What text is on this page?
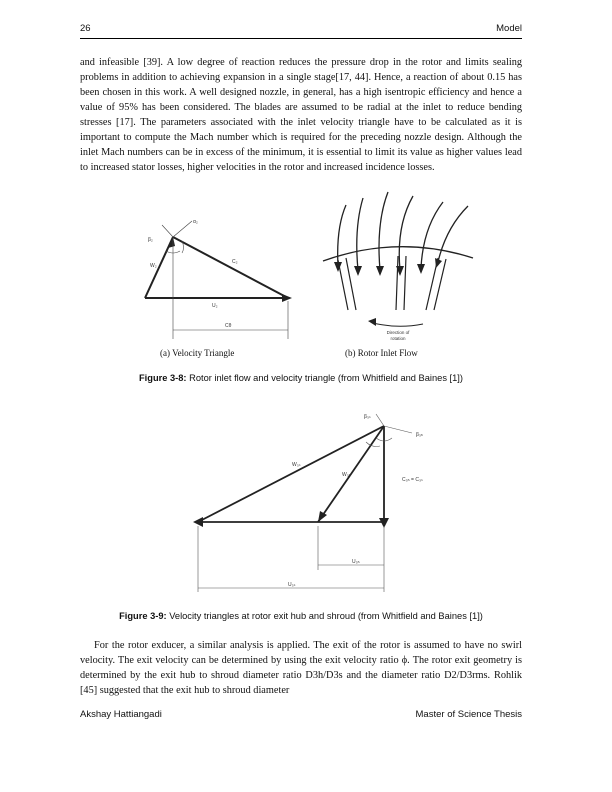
26	Model

and infeasible [39]. A low degree of reaction reduces the pressure drop in the rotor and limits sealing problems in addition to achieving expansion in a single stage[17, 44]. Hence, a reaction of about 0.15 has been chosen in this work. A well designed nozzle, in general, has a high isentropic efficiency and hence a value of 95% has been considered. The blades are assumed to be radial at the inlet to reduce bending stresses [17]. The parameters associated with the inlet velocity triangle have to be calculated as it is important to compute the Mach number which is required for the preceding nozzle design. Although the inlet Mach numbers can be in excess of the minimum, it is essential to limit its value as higher values lead to increased stator losses, higher velocities in the rotor and increased incidence losses.

β₂
α₂
W₂
C₂
U₂
Cθ
(a) Velocity Triangle
Direction of
rotation
(b) Rotor Inlet Flow
Figure 3-8: Rotor inlet flow and velocity triangle (from Whitfield and Baines [1])
β₃ₛ
β₃ₕ
W₃ₛ
W₃ₕ
C₃ₕ = C₃ₛ
U₃ₕ
U₃ₛ
Figure 3-9: Velocity triangles at rotor exit hub and shroud (from Whitfield and Baines [1])

For the rotor exducer, a similar analysis is applied. The exit of the rotor is assumed to have no swirl velocity. The exit velocity can be determined by using the exit velocity ratio ϕ. The rotor exit geometry is determined by the exit hub to shroud diameter ratio D3h/D3s and the diameter ratio D2/D3rms. Rohlik [45] suggested that the exit hub to shroud diameter

Akshay Hattiangadi	Master of Science Thesis
